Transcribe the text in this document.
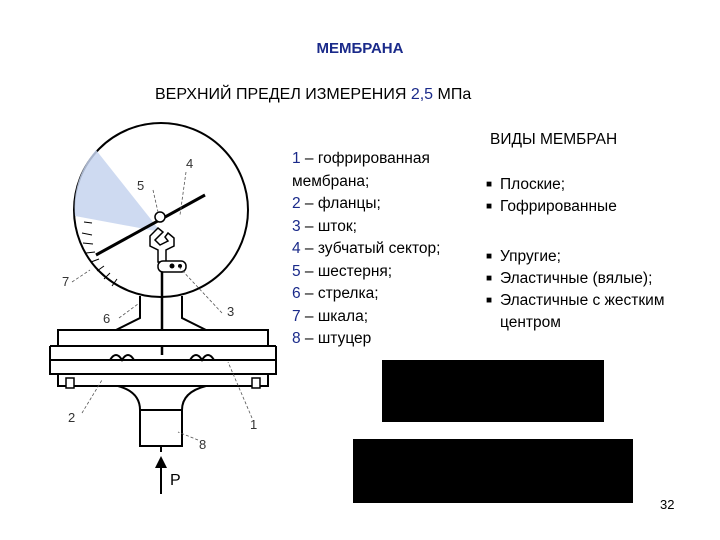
МЕМБРАНА
ВЕРХНИЙ ПРЕДЕЛ ИЗМЕРЕНИЯ 2,5 МПа
4
5
7
3
6
2	1
8
P
1 – гофрированная
мембрана;
2 – фланцы;
3 – шток;
4 – зубчатый сектор;
5 – шестерня;
6 – стрелка;
7 – шкала;
8 – штуцер
ВИДЫ МЕМБРАН
■ Плоские;
■ Гофрированные
■ Упругие;
■ Эластичные (вялые);
■ Эластичные с жестким центром
32
